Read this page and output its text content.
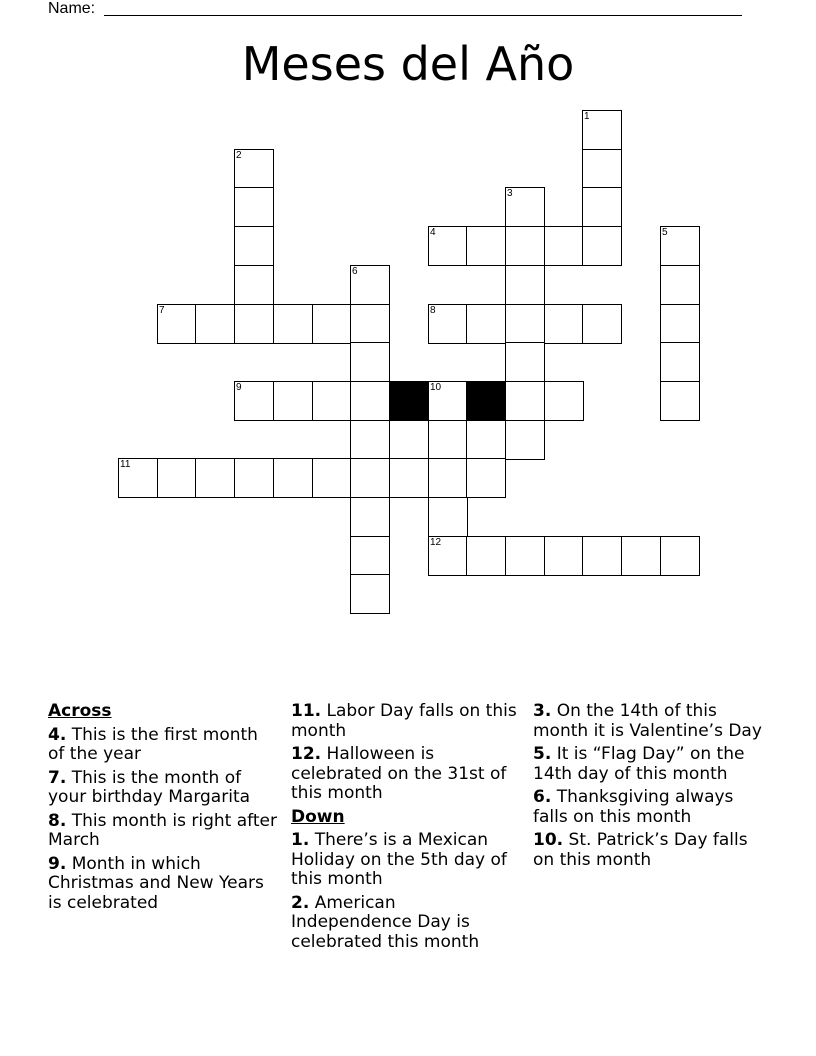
Name:
Meses del Año
1
2
3
4	5
6
7	8
9	10
11
12
Across
4. This is the first month of the year
7. This is the month of your birthday Margarita
8. This month is right after March
9. Month in which Christmas and New Years is celebrated
11. Labor Day falls on this month
12. Halloween is celebrated on the 31st of this month
Down
1. There’s is a Mexican Holiday on the 5th day of this month
2. American Independence Day is celebrated this month
3. On the 14th of this month it is Valentine’s Day
5. It is “Flag Day” on the 14th day of this month
6. Thanksgiving always falls on this month
10. St. Patrick’s Day falls on this month
